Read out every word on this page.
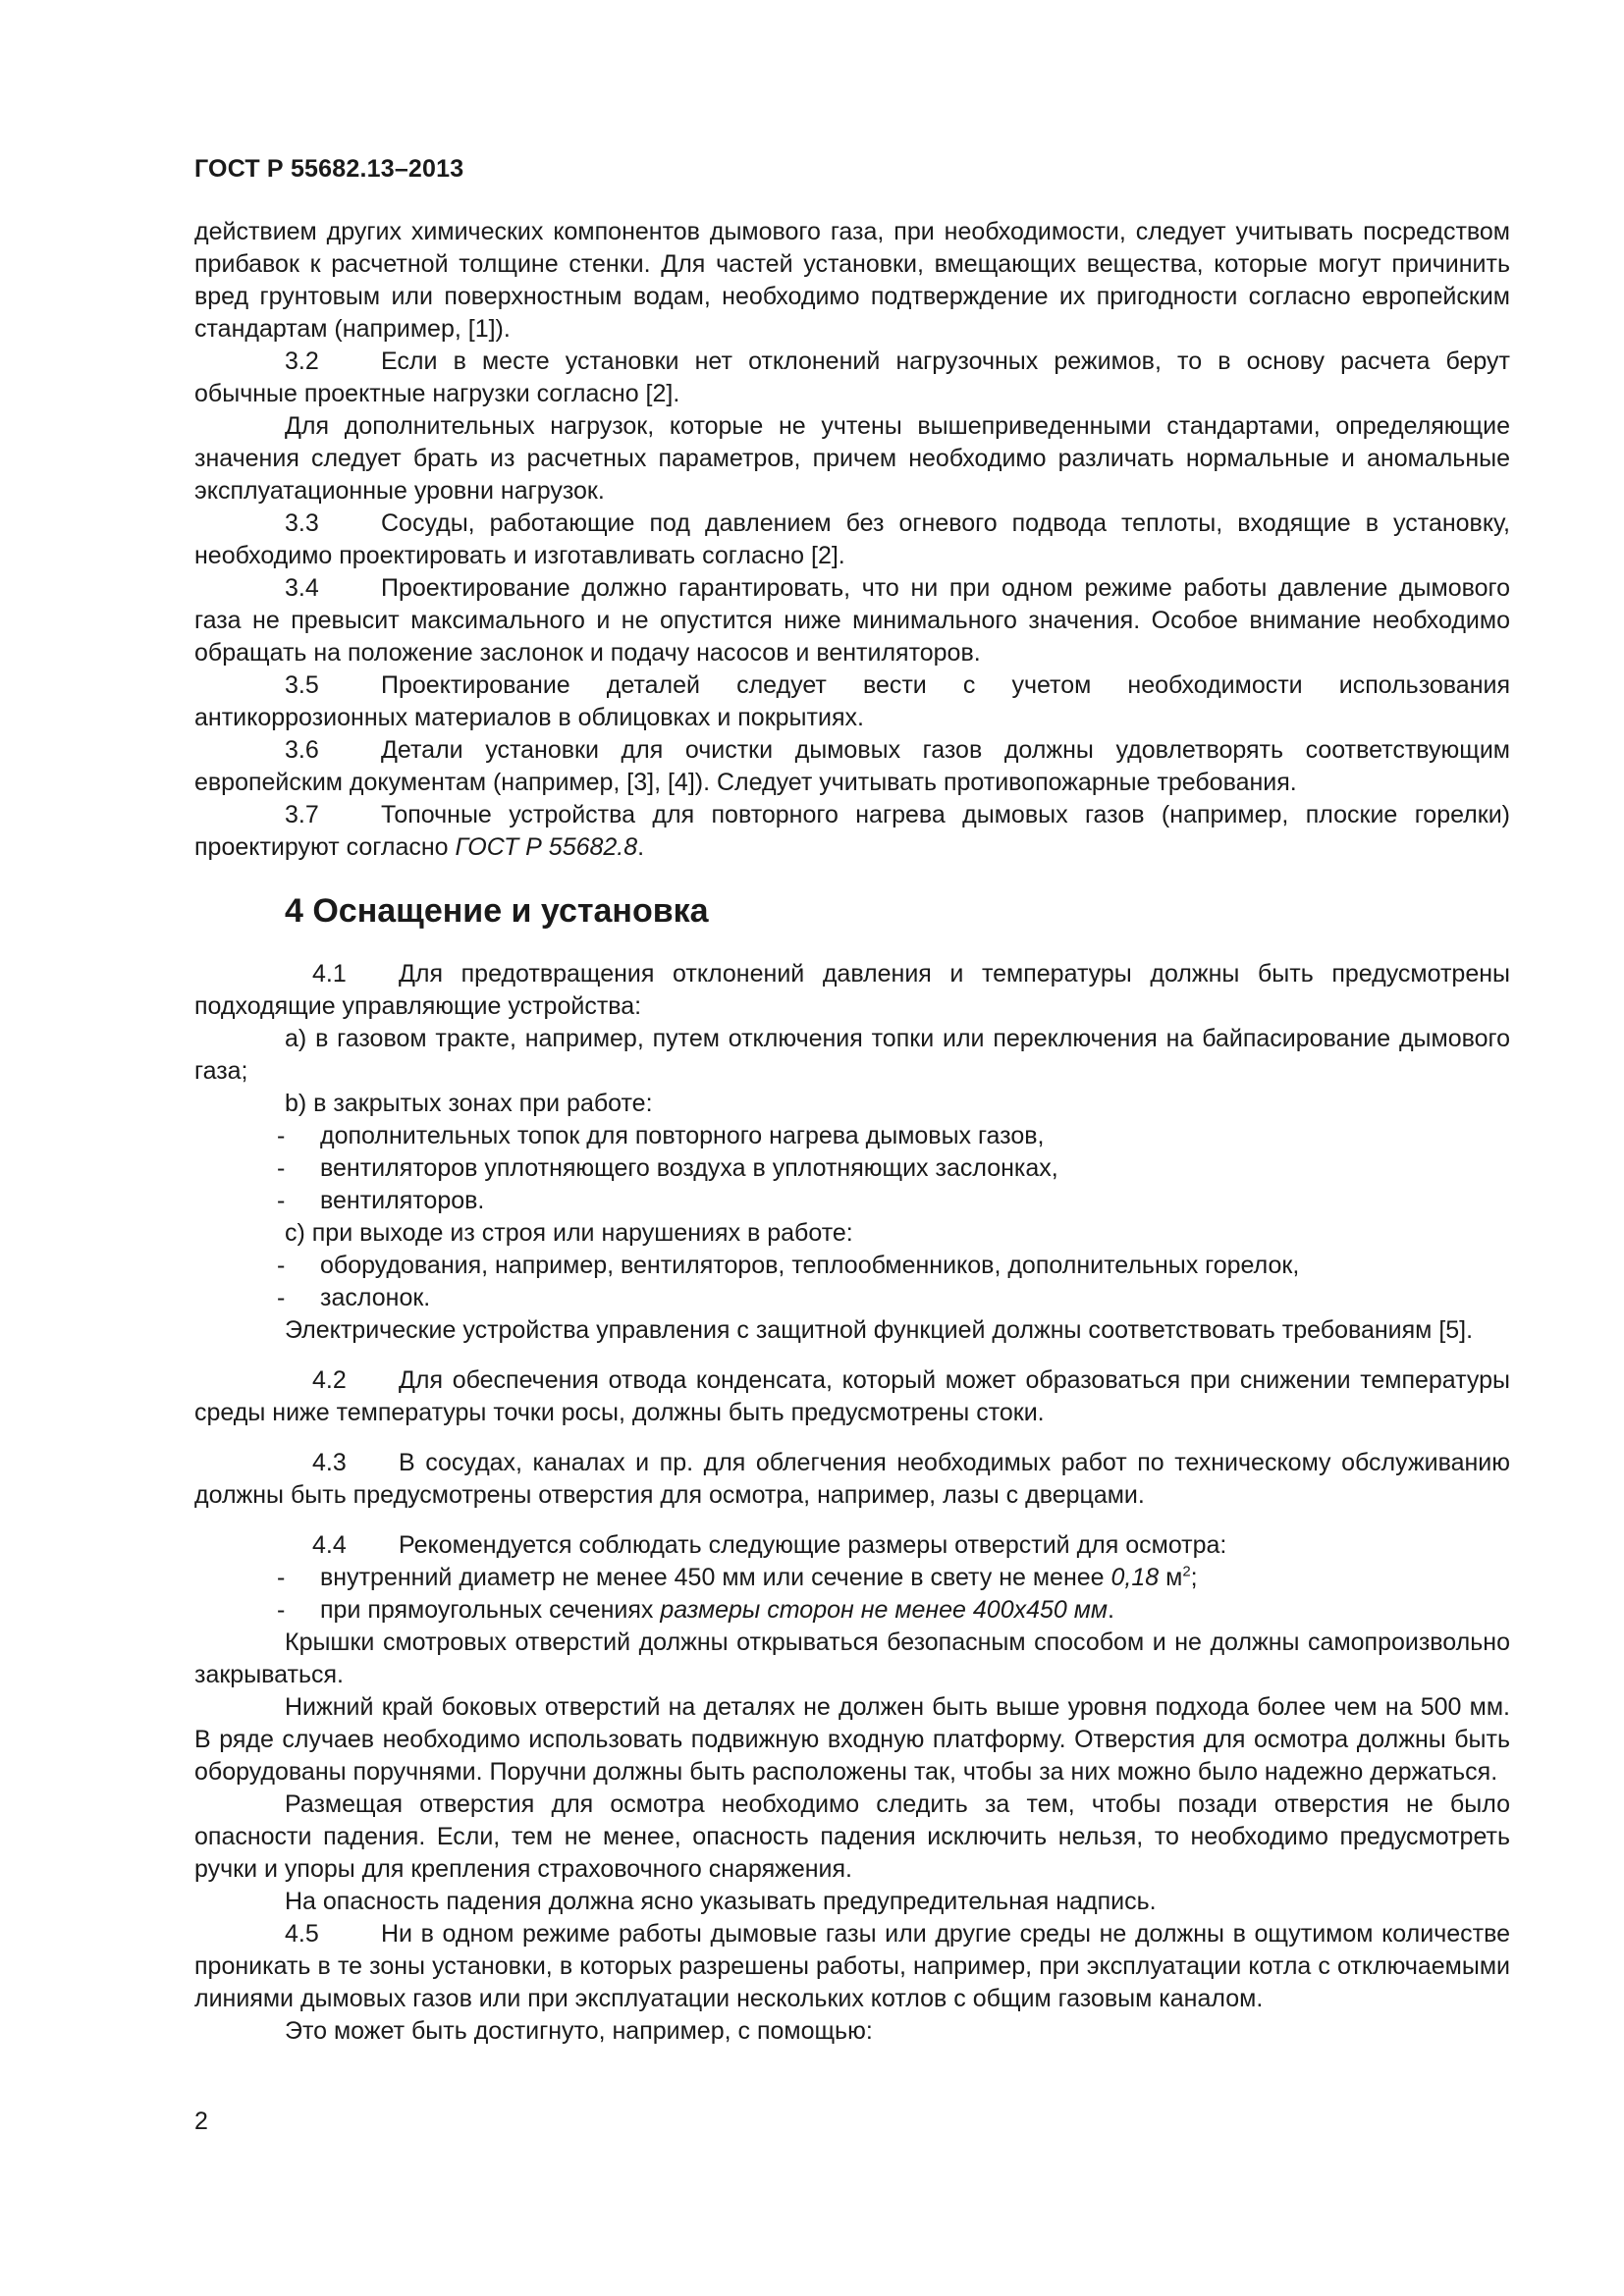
ГОСТ Р 55682.13–2013

действием других химических компонентов дымового газа, при необходимости, следует учитывать посредством прибавок к расчетной толщине стенки. Для частей установки, вмещающих вещества, которые могут причинить вред грунтовым или поверхностным водам, необходимо подтверждение их пригодности согласно европейским стандартам (например, [1]).

3.2	Если в месте установки нет отклонений нагрузочных режимов, то в основу расчета берут обычные проектные нагрузки согласно [2].

Для дополнительных нагрузок, которые не учтены вышеприведенными стандартами, определяющие значения следует брать из расчетных параметров, причем необходимо различать нормальные и аномальные эксплуатационные уровни нагрузок.

3.3	Сосуды, работающие под давлением без огневого подвода теплоты, входящие в установку, необходимо проектировать и изготавливать согласно [2].

3.4	Проектирование должно гарантировать, что ни при одном режиме работы давление дымового газа не превысит максимального и не опустится ниже минимального значения. Особое внимание необходимо обращать на положение заслонок и подачу насосов и вентиляторов.

3.5	Проектирование деталей следует вести с учетом необходимости использования антикоррозионных материалов в облицовках и покрытиях.

3.6	Детали установки для очистки дымовых газов должны удовлетворять соответствующим европейским документам (например, [3], [4]). Следует учитывать противопожарные требования.

3.7	Топочные устройства для повторного нагрева дымовых газов (например, плоские горелки) проектируют согласно ГОСТ Р 55682.8.

4 Оснащение и установка

4.1 Для предотвращения отклонений давления и температуры должны быть предусмотрены подходящие управляющие устройства:

а) в газовом тракте, например, путем отключения топки или переключения на байпасирование дымового газа;

b) в закрытых зонах при работе:

- дополнительных топок для повторного нагрева дымовых газов,

- вентиляторов уплотняющего воздуха в уплотняющих заслонках,

- вентиляторов.

c) при выходе из строя или нарушениях в работе:

- оборудования, например, вентиляторов, теплообменников, дополнительных горелок,

- заслонок.

Электрические устройства управления с защитной функцией должны соответствовать требованиям [5].

4.2 Для обеспечения отвода конденсата, который может образоваться при снижении температуры среды ниже температуры точки росы, должны быть предусмотрены стоки.

4.3 В сосудах, каналах и пр. для облегчения необходимых работ по техническому обслуживанию должны быть предусмотрены отверстия для осмотра, например, лазы с дверцами.

4.4 Рекомендуется соблюдать следующие размеры отверстий для осмотра:

- внутренний диаметр не менее 450 мм или сечение в свету не менее 0,18 $м^2$;

- при прямоугольных сечениях размеры сторон не менее 400х450 мм.

Крышки смотровых отверстий должны открываться безопасным способом и не должны самопроизвольно закрываться.

Нижний край боковых отверстий на деталях не должен быть выше уровня подхода более чем на 500 мм. В ряде случаев необходимо использовать подвижную входную платформу. Отверстия для осмотра должны быть оборудованы поручнями. Поручни должны быть расположены так, чтобы за них можно было надежно держаться.

Размещая отверстия для осмотра необходимо следить за тем, чтобы позади отверстия не было опасности падения. Если, тем не менее, опасность падения исключить нельзя, то необходимо предусмотреть ручки и упоры для крепления страховочного снаряжения.

На опасность падения должна ясно указывать предупредительная надпись.

4.5	Ни в одном режиме работы дымовые газы или другие среды не должны в ощутимом количестве проникать в те зоны установки, в которых разрешены работы, например, при эксплуатации котла с отключаемыми линиями дымовых газов или при эксплуатации нескольких котлов с общим газовым каналом.

Это может быть достигнуто, например, с помощью:

2
